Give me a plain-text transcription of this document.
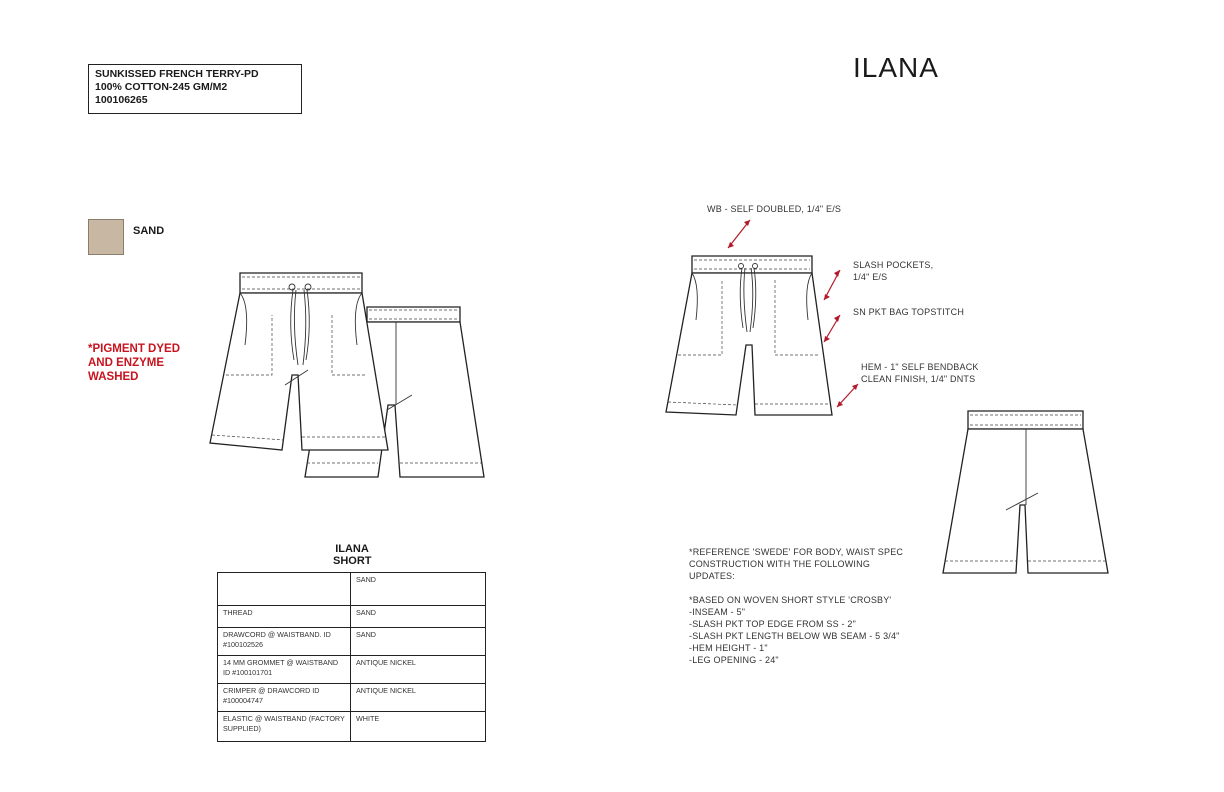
SUNKISSED FRENCH TERRY-PD
100% COTTON-245 GM/M2
100106265
ILANA
SAND
*PIGMENT DYED
AND ENZYME
WASHED
ILANA
SHORT
	SAND
THREAD	SAND
DRAWCORD @ WAISTBAND. ID #100102526	SAND
14 MM GROMMET @ WAISTBAND ID #100101701	ANTIQUE NICKEL
CRIMPER @ DRAWCORD ID #100004747	ANTIQUE NICKEL
ELASTIC @ WAISTBAND (FACTORY SUPPLIED)	WHITE
WB - SELF DOUBLED, 1/4" E/S
SLASH POCKETS,
1/4" E/S
SN PKT BAG TOPSTITCH
HEM - 1" SELF BENDBACK
CLEAN FINISH, 1/4" DNTS
*REFERENCE 'SWEDE' FOR BODY, WAIST SPEC
CONSTRUCTION WITH THE FOLLOWING
UPDATES:
*BASED ON WOVEN SHORT STYLE 'CROSBY'
-INSEAM - 5"
-SLASH PKT TOP EDGE FROM SS - 2"
-SLASH PKT LENGTH BELOW WB SEAM - 5 3/4"
-HEM HEIGHT - 1"
-LEG OPENING - 24"
